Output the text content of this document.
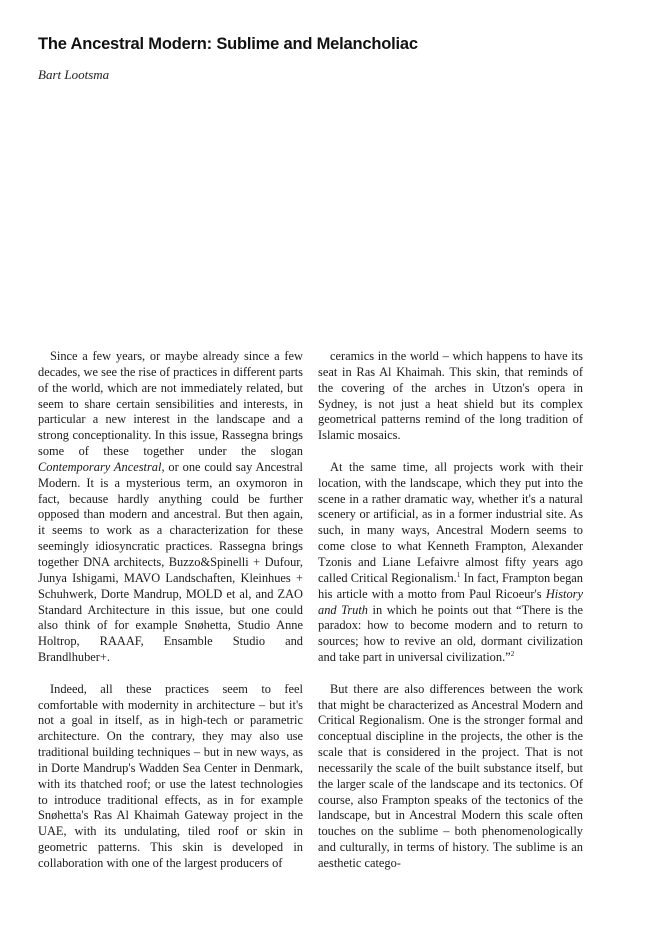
The Ancestral Modern: Sublime and Melancholiac
Bart Lootsma

Since a few years, or maybe already since a few decades, we see the rise of practices in different parts of the world, which are not immediately related, but seem to share certain sensibilities and interests, in particular a new interest in the landscape and a strong conceptionality. In this issue, Rassegna brings some of these together under the slogan Contemporary Ancestral, or one could say Ancestral Modern. It is a mysterious term, an oxymoron in fact, because hardly anything could be further opposed than modern and ancestral. But then again, it seems to work as a characterization for these seemingly idiosyncratic practices. Rassegna brings together DNA architects, Buzzo&Spinelli + Dufour, Junya Ishigami, MAVO Landschaften, Kleinhues + Schuhwerk, Dorte Mandrup, MOLD et al, and ZAO Standard Architecture in this issue, but one could also think of for example Snøhetta, Studio Anne Holtrop, RAAAF, Ensamble Studio and Brandlhuber+.

Indeed, all these practices seem to feel comfortable with modernity in architecture – but it's not a goal in itself, as in high-tech or parametric architecture. On the contrary, they may also use traditional building techniques – but in new ways, as in Dorte Mandrup's Wadden Sea Center in Denmark, with its thatched roof; or use the latest technologies to introduce traditional effects, as in for example Snøhetta's Ras Al Khaimah Gateway project in the UAE, with its undulating, tiled roof or skin in geometric patterns. This skin is developed in collaboration with one of the largest producers of

ceramics in the world – which happens to have its seat in Ras Al Khaimah. This skin, that reminds of the covering of the arches in Utzon's opera in Sydney, is not just a heat shield but its complex geometrical patterns remind of the long tradition of Islamic mosaics.

At the same time, all projects work with their location, with the landscape, which they put into the scene in a rather dramatic way, whether it's a natural scenery or artificial, as in a former industrial site. As such, in many ways, Ancestral Modern seems to come close to what Kenneth Frampton, Alexander Tzonis and Liane Lefaivre almost fifty years ago called Critical Regionalism.$^1$ In fact, Frampton began his article with a motto from Paul Ricoeur's History and Truth in which he points out that “There is the paradox: how to become modern and to return to sources; how to revive an old, dormant civilization and take part in universal civilization.”$^2$

But there are also differences between the work that might be characterized as Ancestral Modern and Critical Regionalism. One is the stronger formal and conceptual discipline in the projects, the other is the scale that is considered in the project. That is not necessarily the scale of the built substance itself, but the larger scale of the landscape and its tectonics. Of course, also Frampton speaks of the tectonics of the landscape, but in Ancestral Modern this scale often touches on the sublime – both phenomenologically and culturally, in terms of history. The sublime is an aesthetic catego-
